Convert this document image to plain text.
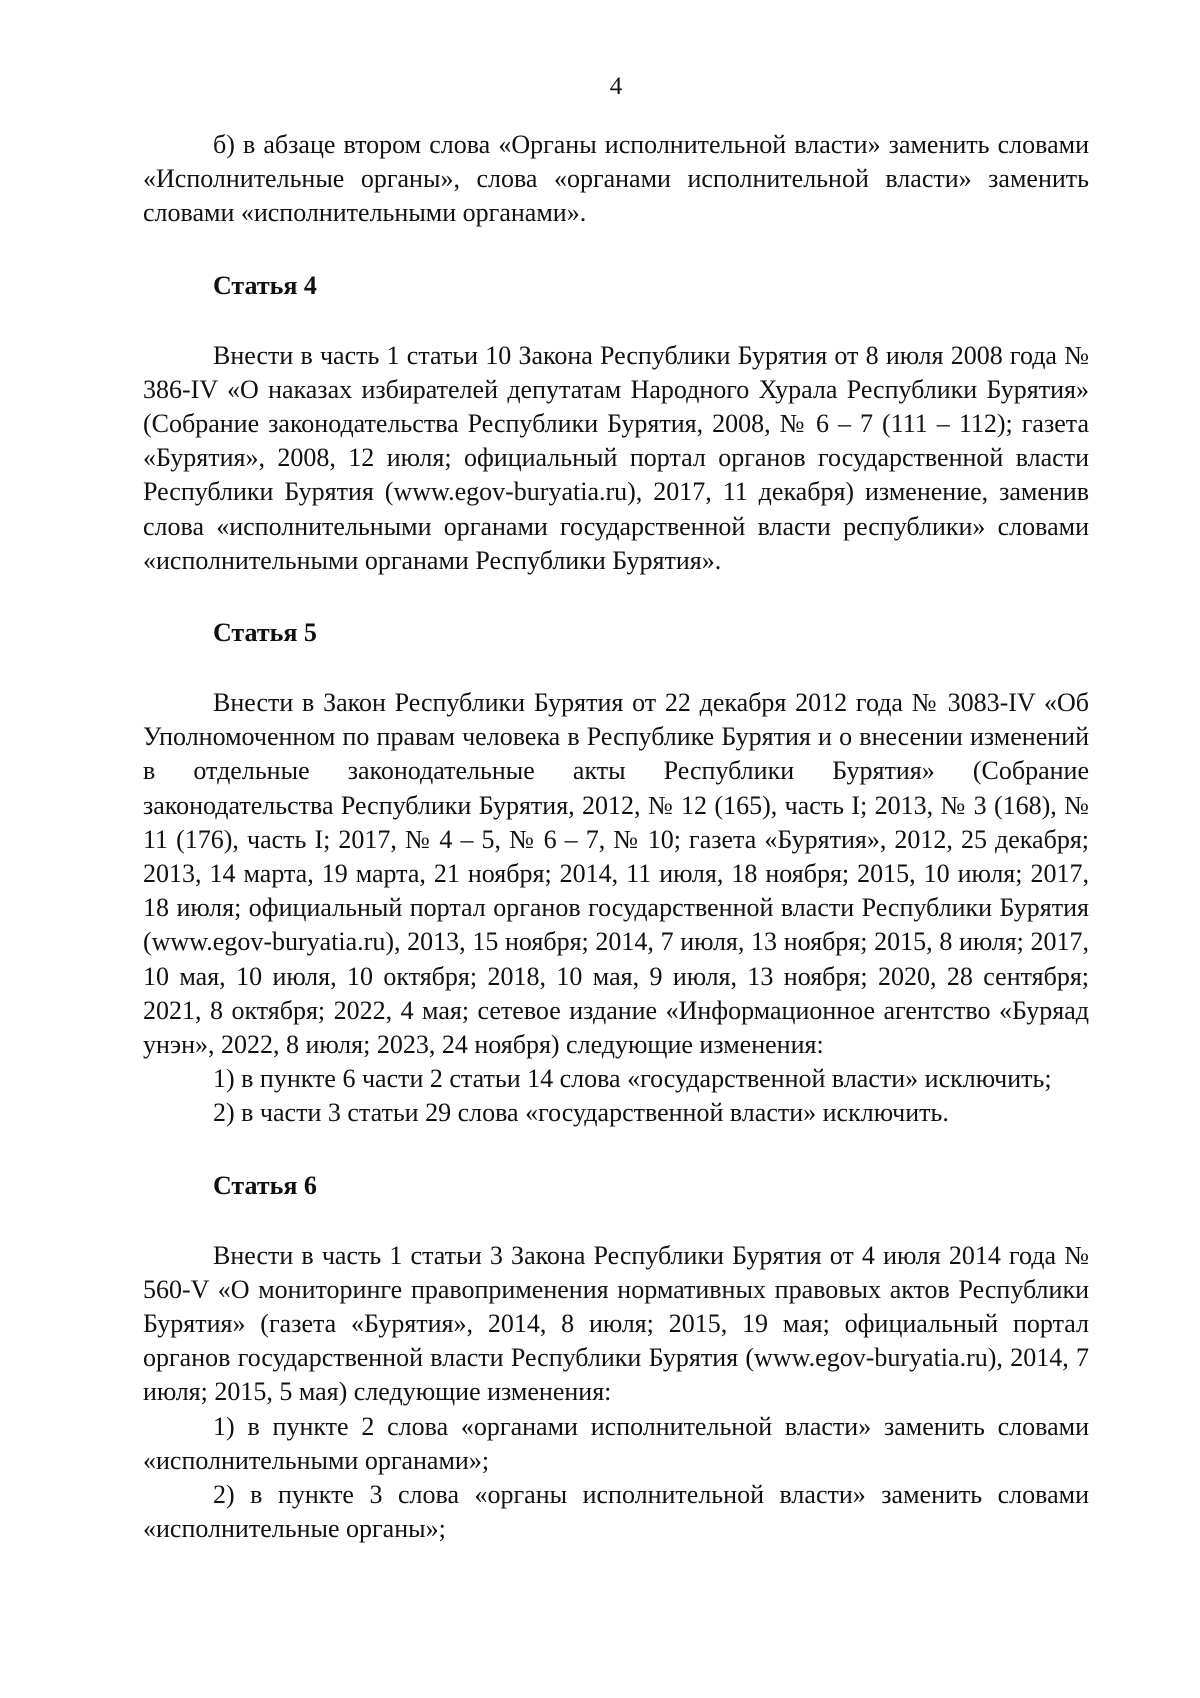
4

б) в абзаце втором слова «Органы исполнительной власти» заменить словами «Исполнительные органы», слова «органами исполнительной власти» заменить словами «исполнительными органами».

Статья 4

Внести в часть 1 статьи 10 Закона Республики Бурятия от 8 июля 2008 года № 386-IV «О наказах избирателей депутатам Народного Хурала Республики Бурятия» (Собрание законодательства Республики Бурятия, 2008, № 6 – 7 (111 – 112); газета «Бурятия», 2008, 12 июля; официальный портал органов государственной власти Республики Бурятия (www.egov-buryatia.ru), 2017, 11 декабря) изменение, заменив слова «исполнительными органами государственной власти республики» словами «исполнительными органами Республики Бурятия».

Статья 5

Внести в Закон Республики Бурятия от 22 декабря 2012 года № 3083-IV «Об Уполномоченном по правам человека в Республике Бурятия и о внесении изменений в отдельные законодательные акты Республики Бурятия» (Собрание законодательства Республики Бурятия, 2012, № 12 (165), часть I; 2013, № 3 (168), № 11 (176), часть I; 2017, № 4 – 5, № 6 – 7, № 10; газета «Бурятия», 2012, 25 декабря; 2013, 14 марта, 19 марта, 21 ноября; 2014, 11 июля, 18 ноября; 2015, 10 июля; 2017, 18 июля; официальный портал органов государственной власти Республики Бурятия (www.egov-buryatia.ru), 2013, 15 ноября; 2014, 7 июля, 13 ноября; 2015, 8 июля; 2017, 10 мая, 10 июля, 10 октября; 2018, 10 мая, 9 июля, 13 ноября; 2020, 28 сентября; 2021, 8 октября; 2022, 4 мая; сетевое издание «Информационное агентство «Буряад унэн», 2022, 8 июля; 2023, 24 ноября) следующие изменения:

1) в пункте 6 части 2 статьи 14 слова «государственной власти» исключить;

2) в части 3 статьи 29 слова «государственной власти» исключить.

Статья 6

Внести в часть 1 статьи 3 Закона Республики Бурятия от 4 июля 2014 года № 560-V «О мониторинге правоприменения нормативных правовых актов Республики Бурятия» (газета «Бурятия», 2014, 8 июля; 2015, 19 мая; официальный портал органов государственной власти Республики Бурятия (www.egov-buryatia.ru), 2014, 7 июля; 2015, 5 мая) следующие изменения:

1) в пункте 2 слова «органами исполнительной власти» заменить словами «исполнительными органами»;

2) в пункте 3 слова «органы исполнительной власти» заменить словами «исполнительные органы»;
